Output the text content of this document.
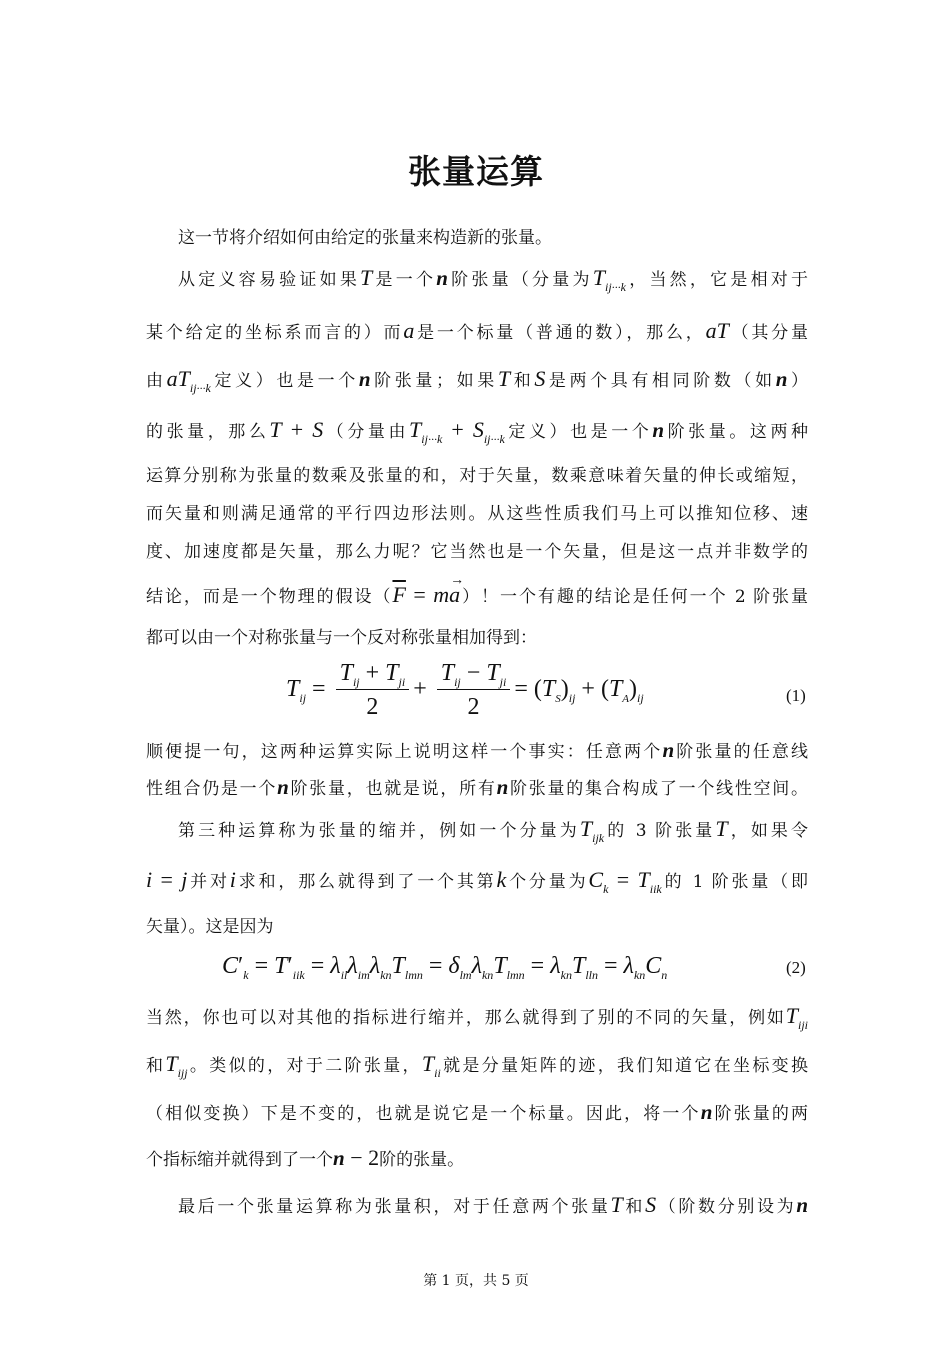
张量运算
这一节将介绍如何由给定的张量来构造新的张量。
从定义容易验证如果T是一个n阶张量（分量为$T_{ij\cdot\cdot\cdot k}$，当然，它是相对于
某个给定的坐标系而言的）而a是一个标量（普通的数），那么，aT（其分量
由$aT_{ij\cdot\cdot\cdot k}$定义）也是一个n阶张量；如果T和S是两个具有相同阶数（如n）
的张量，那么T + S（分量由$T_{ij\cdot\cdot\cdot k} + S_{ij\cdot\cdot\cdot k}$定义）也是一个n阶张量。这两种
运算分别称为张量的数乘及张量的和，对于矢量，数乘意味着矢量的伸长或缩短，
而矢量和则满足通常的平行四边形法则。从这些性质我们马上可以推知位移、速
度、加速度都是矢量，那么力呢？它当然也是一个矢量，但是这一点并非数学的
结论，而是一个物理的假设（$\overline{F}$ = ma
→
）！一个有趣的结论是任何一个 2 阶张量
都可以由一个对称张量与一个反对称张量相加得到：
$T_{ij} = \frac{T_{ij} + T_{ji}}{2} + \frac{T_{ij} - T_{ji}}{2} = (T_S)_{ij} + (T_A)_{ij}$	(1)
顺便提一句，这两种运算实际上说明这样一个事实：任意两个n阶张量的任意线
性组合仍是一个n阶张量，也就是说，所有n阶张量的集合构成了一个线性空间。
第三种运算称为张量的缩并，例如一个分量为$T_{ijk}$的 3 阶张量T，如果令
i = j并对i求和，那么就得到了一个其第k个分量为$C_k = T_{iik}$的 1 阶张量（即
矢量）。这是因为
$C'_k = T'_{iik} = \lambda_{il}\lambda_{im}\lambda_{kn}T_{lmn} = \delta_{lm}\lambda_{kn}T_{lmn} = \lambda_{kn}T_{lln} = \lambda_{kn}C_n$	(2)
当然，你也可以对其他的指标进行缩并，那么就得到了别的不同的矢量，例如$T_{iji}$
和$T_{ijj}$。类似的，对于二阶张量，$T_{ii}$就是分量矩阵的迹，我们知道它在坐标变换
（相似变换）下是不变的，也就是说它是一个标量。因此，将一个n阶张量的两
个指标缩并就得到了一个n − 2阶的张量。
最后一个张量运算称为张量积，对于任意两个张量T和S（阶数分别设为n
第 1 页，共 5 页
